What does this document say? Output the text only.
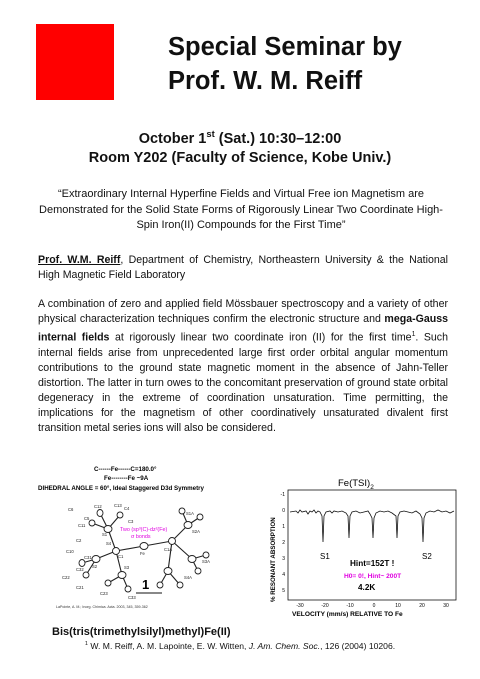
Special Seminar by
Prof. W. M. Reiff
October 1st (Sat.) 10:30–12:00
Room Y202 (Faculty of Science, Kobe Univ.)
“Extraordinary Internal Hyperfine Fields and Virtual Free ion Magnetism are Demonstrated for the Solid State Forms of Rigorously Linear Two Coordinate High-Spin Iron(II) Compounds for the First Time”
Prof. W.M. Reiff, Department of Chemistry, Northeastern University & the National High Magnetic Field Laboratory
A combination of zero and applied field Mössbauer spectroscopy and a variety of other physical characterization techniques confirm the electronic structure and mega-Gauss internal fields at rigorously linear two coordinate iron (II) for the first time$^1$. Such internal fields arise from unprecedented large first order orbital angular momentum contributions to the ground state magnetic moment in the absence of Jahn-Teller distortion. The latter in turn owes to the concomitant preservation of ground state orbital degeneracy in the extreme of coordination unsaturation. Time permitting, the implications for the magnetism of other coordinatively unsaturated divalent first transition metal series ions will also be considered.
C------Fe------C=180.0°
Fe--------Fe ~9A
DIHEDRAL ANGLE = 60°, Ideal Staggered D3d Symmetry
Two (sp³(C)-dz²(Fe)
σ bonds
C6
C5
C4
C3
C2
C1
S1
S2	S3
S4
C12	C13
C11
C10
C22
C21
C23
C31
C32
C33
Fe
C1A
S2A
S1A
S3A
S4A
1
LaPointe, A. M.; Inorg. Chimica. Acta. 2003, 345, 359-362
Bis(tris(trimethylsilyl)methyl)Fe(II)
$Fe(TSI)_2$
-1
0
1
2
3
4
5
-30	-20	-10	0	10	20	30
% RESONANT ABSORPTION
VELOCITY (mm/s) RELATIVE TO Fe
S1	S2
Hint=152T !
H0= 0!, Hint~ 200T
4.2K
$^1$ W. M. Reiff, A. M. Lapointe, E. W. Witten, J. Am. Chem. Soc., 126 (2004) 10206.
